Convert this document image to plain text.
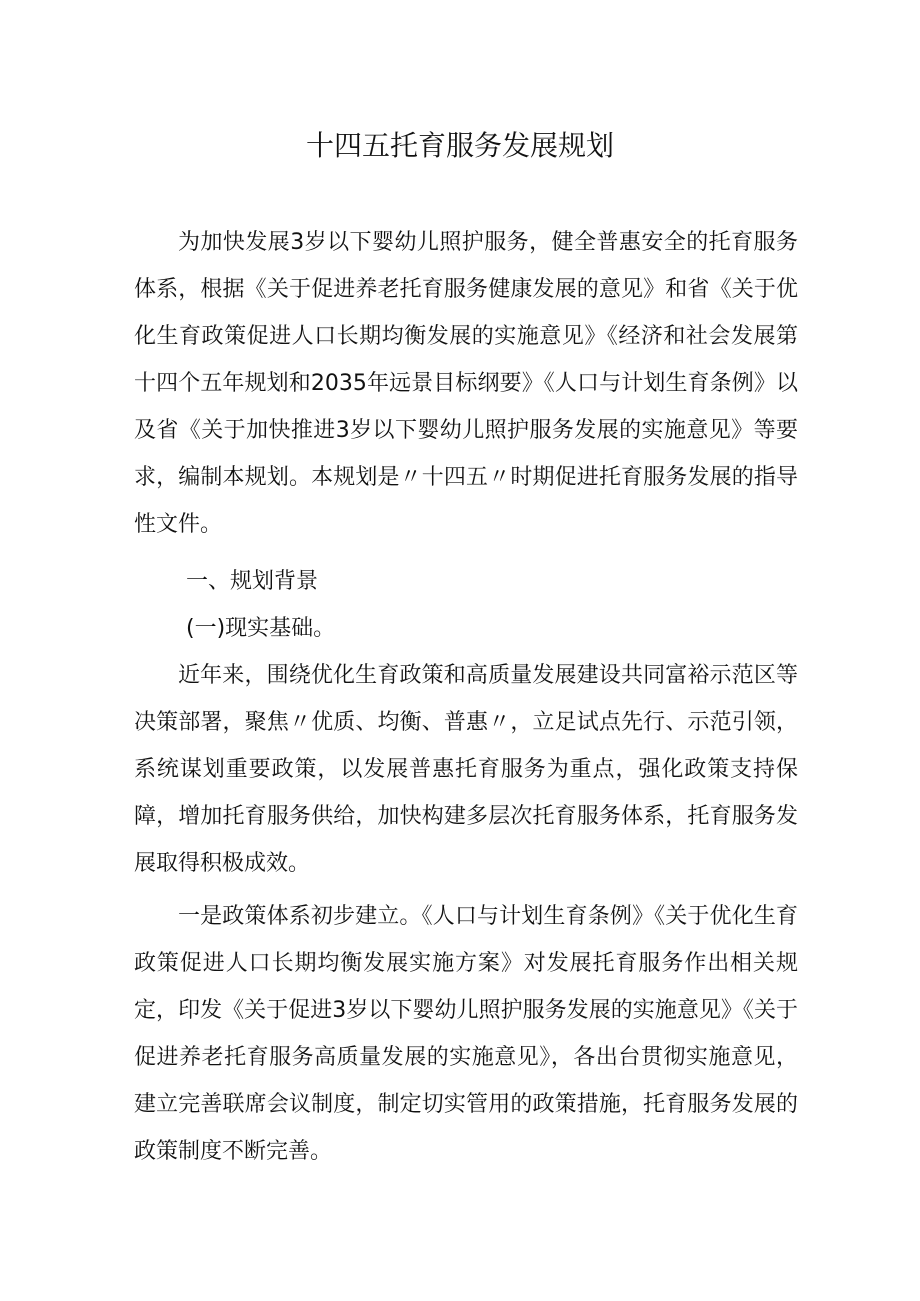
十四五托育服务发展规划

为加快发展3岁以下婴幼儿照护服务，健全普惠安全的托育服务体系，根据《关于促进养老托育服务健康发展的意见》和省《关于优化生育政策促进人口长期均衡发展的实施意见》《经济和社会发展第十四个五年规划和2035年远景目标纲要》《人口与计划生育条例》以及省《关于加快推进3岁以下婴幼儿照护服务发展的实施意见》等要求，编制本规划。本规划是〃十四五〃时期促进托育服务发展的指导性文件。

一、规划背景

(一)现实基础。

近年来，围绕优化生育政策和高质量发展建设共同富裕示范区等决策部署，聚焦〃优质、均衡、普惠〃，立足试点先行、示范引领，系统谋划重要政策，以发展普惠托育服务为重点，强化政策支持保障，增加托育服务供给，加快构建多层次托育服务体系，托育服务发展取得积极成效。

一是政策体系初步建立。《人口与计划生育条例》《关于优化生育政策促进人口长期均衡发展实施方案》对发展托育服务作出相关规定，印发《关于促进3岁以下婴幼儿照护服务发展的实施意见》《关于促进养老托育服务高质量发展的实施意见》，各出台贯彻实施意见，建立完善联席会议制度，制定切实管用的政策措施，托育服务发展的政策制度不断完善。
